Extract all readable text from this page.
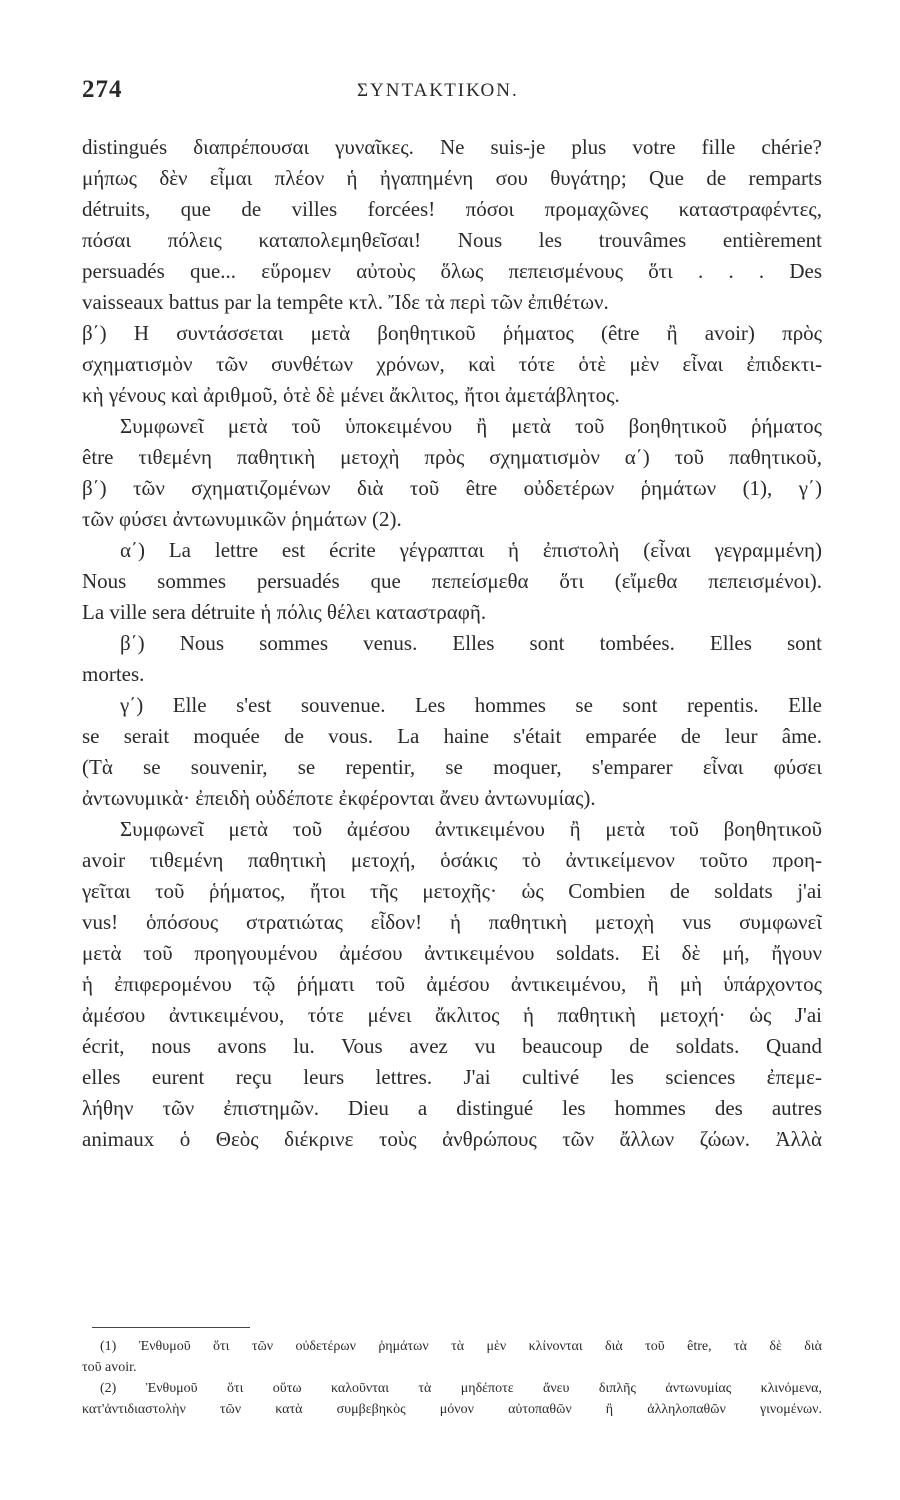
274	ΣΥΝΤΑΚΤΙΚΟΝ.
distingués διαπρέπουσαι γυναῖκες. Ne suis-je plus votre fille chérie?
μήπως δὲν εἶμαι πλέον ἡ ἠγαπημένη σου θυγάτηρ; Que de remparts
détruits, que de villes forcées! πόσοι προμαχῶνες καταστραφέντες,
πόσαι πόλεις καταπολεμηθεῖσαι! Nous les trouvâmes entièrement
persuadés que... εὕρομεν αὐτοὺς ὅλως πεπεισμένους ὅτι . . . Des
vaisseaux battus par la tempête κτλ. Ἴδε τὰ περὶ τῶν ἐπιθέτων.
β΄) Η συντάσσεται μετὰ βοηθητικοῦ ῥήματος (être ἢ avoir) πρὸς
σχηματισμὸν τῶν συνθέτων χρόνων, καὶ τότε ὁτὲ μὲν εἶναι ἐπιδεκτι-
κὴ γένους καὶ ἀριθμοῦ, ὁτὲ δὲ μένει ἄκλιτος, ἤτοι ἀμετάβλητος.
Συμφωνεῖ μετὰ τοῦ ὑποκειμένου ἢ μετὰ τοῦ βοηθητικοῦ ῥήματος
être τιθεμένη παθητικὴ μετοχὴ πρὸς σχηματισμὸν α΄) τοῦ παθητικοῦ,
β΄) τῶν σχηματιζομένων διὰ τοῦ être οὐδετέρων ῥημάτων (1), γ΄)
τῶν φύσει ἀντωνυμικῶν ῥημάτων (2).
α΄) La lettre est écrite γέγραπται ἡ ἐπιστολὴ (εἶναι γεγραμμένη)
Nous sommes persuadés que πεπείσμεθα ὅτι (εἴμεθα πεπεισμένοι).
La ville sera détruite ἡ πόλις θέλει καταστραφῆ.
β΄) Nous sommes venus. Elles sont tombées. Elles sont
mortes.
γ΄) Elle s'est souvenue. Les hommes se sont repentis. Elle
se serait moquée de vous. La haine s'était emparée de leur âme.
(Τὰ se souvenir, se repentir, se moquer, s'emparer εἶναι φύσει
ἀντωνυμικὰ· ἐπειδὴ οὐδέποτε ἐκφέρονται ἄνευ ἀντωνυμίας).
Συμφωνεῖ μετὰ τοῦ ἀμέσου ἀντικειμένου ἢ μετὰ τοῦ βοηθητικοῦ
avoir τιθεμένη παθητικὴ μετοχή, ὁσάκις τὸ ἀντικείμενον τοῦτο προη-
γεῖται τοῦ ῥήματος, ἤτοι τῆς μετοχῆς· ὡς Combien de soldats j'ai
vus! ὁπόσους στρατιώτας εἶδον! ἡ παθητικὴ μετοχὴ vus συμφωνεῖ
μετὰ τοῦ προηγουμένου ἀμέσου ἀντικειμένου soldats. Εἰ δὲ μή, ἤγουν
ἡ ἐπιφερομένου τῷ ῥήματι τοῦ ἀμέσου ἀντικειμένου, ἢ μὴ ὑπάρχοντος
ἀμέσου ἀντικειμένου, τότε μένει ἄκλιτος ἡ παθητικὴ μετοχή· ὡς J'ai
écrit, nous avons lu. Vous avez vu beaucoup de soldats. Quand
elles eurent reçu leurs lettres. J'ai cultivé les sciences ἐπεμε-
λήθην τῶν ἐπιστημῶν. Dieu a distingué les hommes des autres
animaux ὁ Θεὸς διέκρινε τοὺς ἀνθρώπους τῶν ἄλλων ζώων. Ἀλλὰ
(1) Ἐνθυμοῦ ὅτι τῶν οὐδετέρων ῥημάτων τὰ μὲν κλίνονται διὰ τοῦ être, τὰ δὲ διὰ
τοῦ avoir.
(2) Ἐνθυμοῦ ὅτι οὕτω καλοῦνται τὰ μηδέποτε ἄνευ διπλῆς ἀντωνυμίας κλινόμενα,
κατ'ἀντιδιαστολὴν τῶν κατὰ συμβεβηκὸς μόνον αὐτοπαθῶν ἢ ἀλληλοπαθῶν γινομένων.
